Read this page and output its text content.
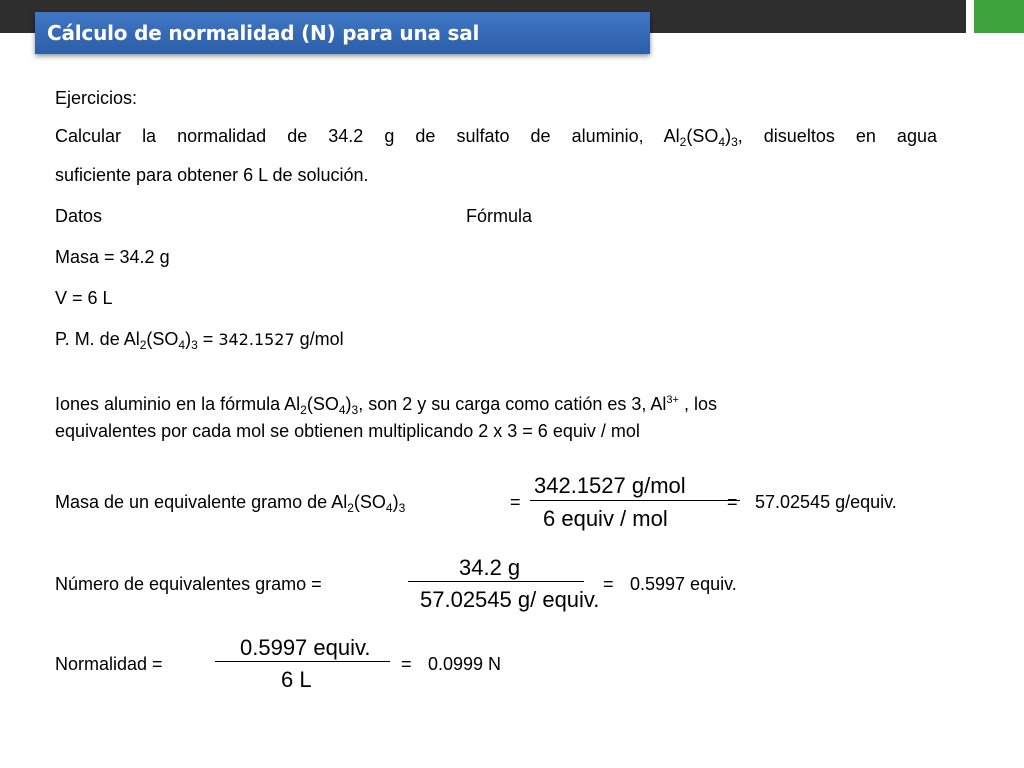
Cálculo de normalidad (N) para una sal
Ejercicios:
Calcular la normalidad de 34.2 g de sulfato de aluminio, $Al_2(SO_4)_3$, disueltos en agua
suficiente para obtener 6 L de solución.
Datos	Fórmula
Masa = 34.2 g
V = 6 L
P. M. de $Al_2(SO_4)_3 = 342.1527$ g/mol
Iones aluminio en la fórmula $Al_2(SO_4)_3$, son 2 y su carga como catión es 3, $Al^{3+}$ , los
equivalentes por cada mol se obtienen multiplicando 2 x 3 = 6 equiv / mol
Masa de un equivalente gramo de $Al_2(SO_4)_3$	=
342.1527 g/mol
6 equiv / mol
= 57.02545 g/equiv.
Número de equivalentes gramo =
34.2 g
57.02545 g/ equiv.
= 0.5997 equiv.
Normalidad =
0.5997 equiv.
6 L
= 0.0999 N
